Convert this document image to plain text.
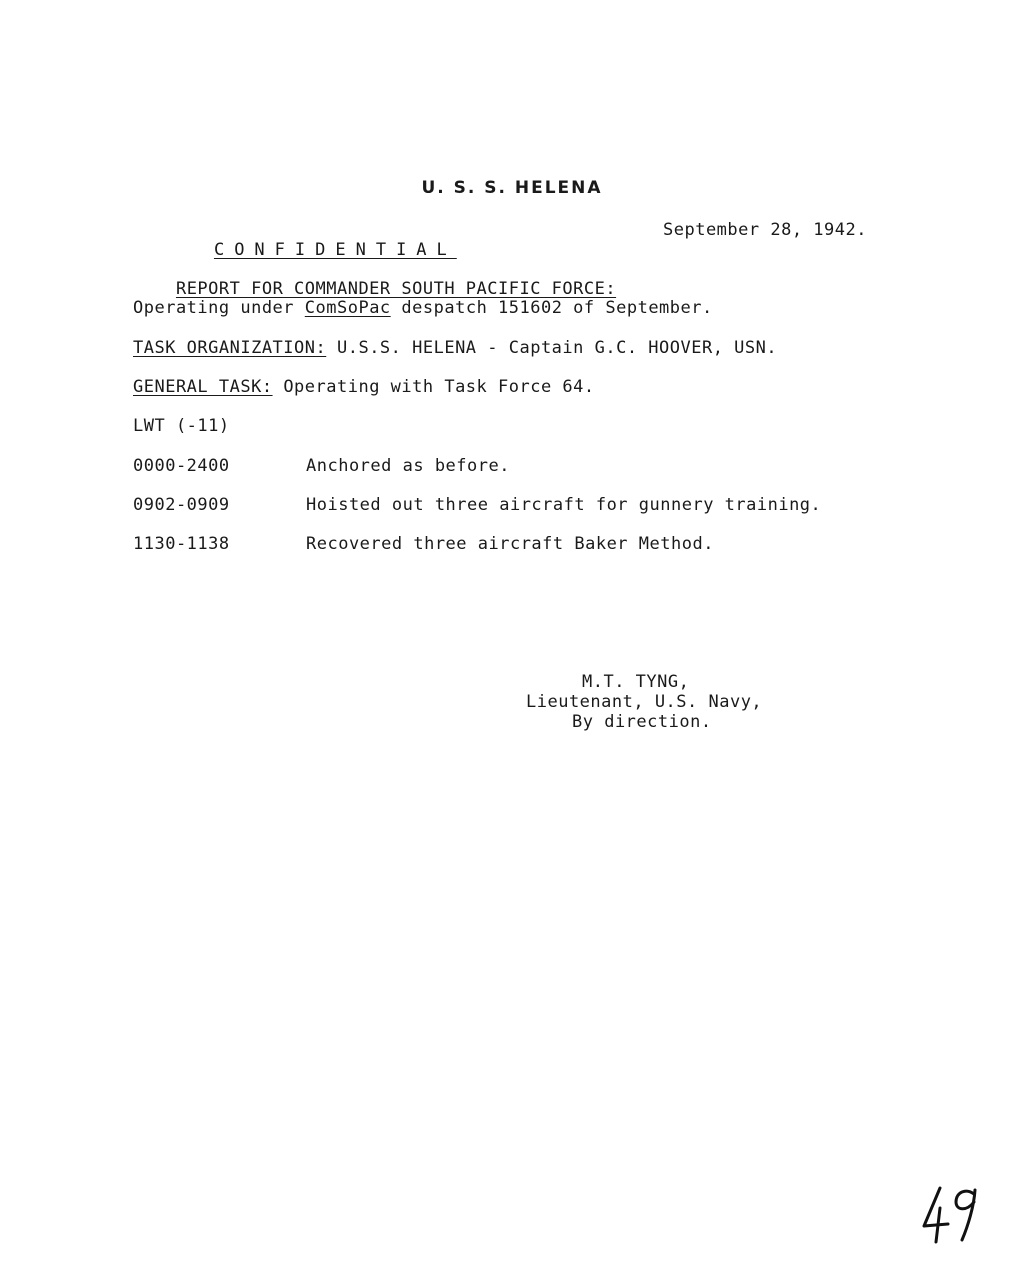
U. S. S. HELENA

CONFIDENTIAL

September 28, 1942.

REPORT FOR COMMANDER SOUTH PACIFIC FORCE:

Operating under ComSoPac despatch 151602 of September.
TASK ORGANIZATION: U.S.S. HELENA - Captain G.C. HOOVER, USN.
GENERAL TASK: Operating with Task Force 64.
LWT (-11)
0000-2400	Anchored as before.
0902-0909	Hoisted out three aircraft for gunnery training.
1130-1138	Recovered three aircraft Baker Method.
M.T. TYNG,
Lieutenant, U.S. Navy,
By direction.
